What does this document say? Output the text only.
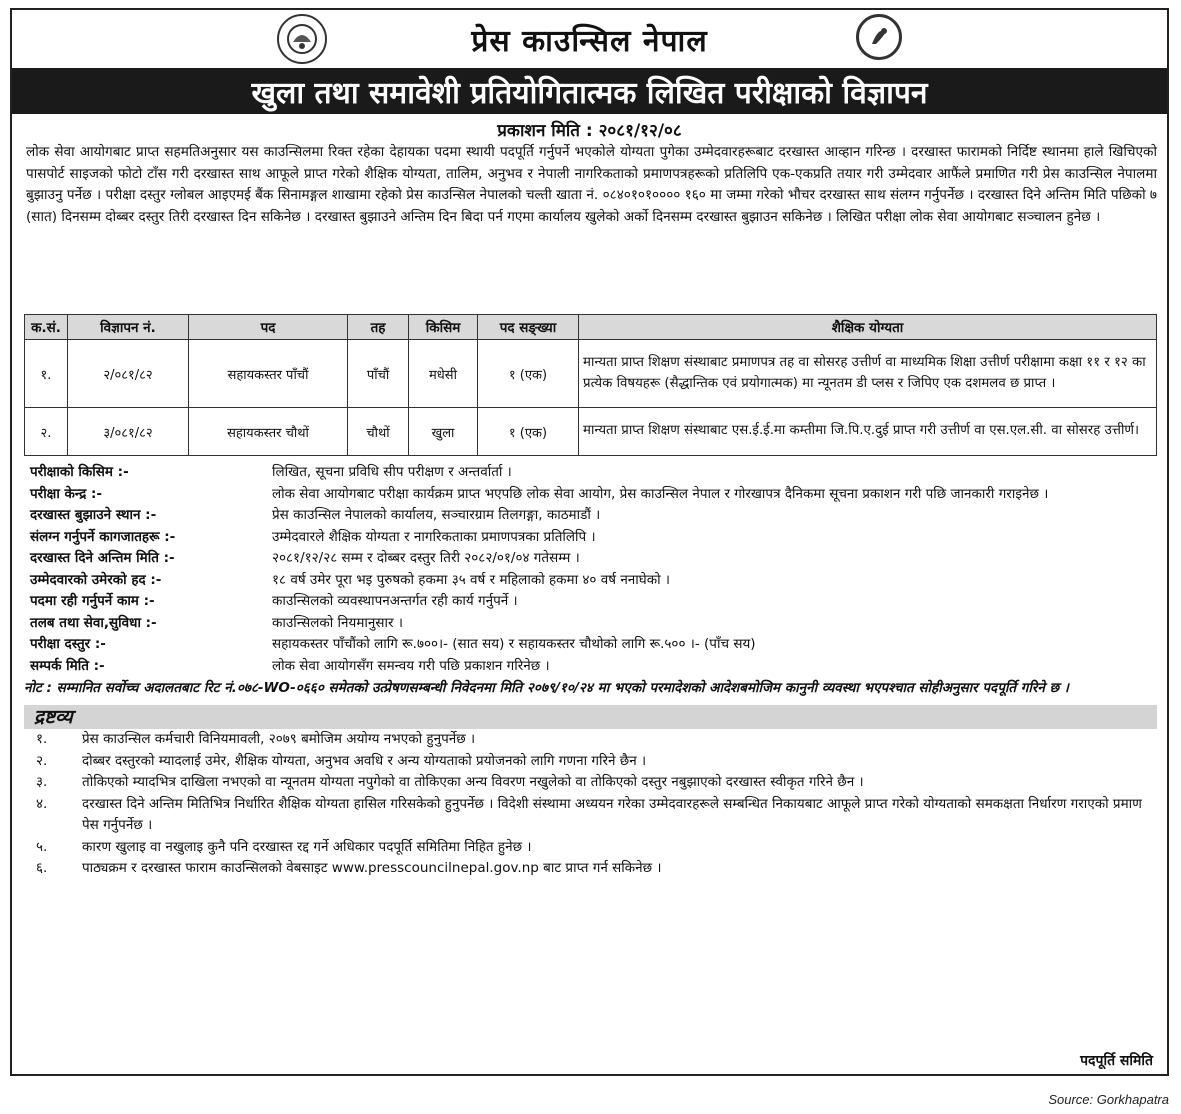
प्रेस काउन्सिल नेपाल
खुला तथा समावेशी प्रतियोगितात्मक लिखित परीक्षाको विज्ञापन
प्रकाशन मिति : २०८१/१२/०८

लोक सेवा आयोगबाट प्राप्त सहमतिअनुसार यस काउन्सिलमा रिक्त रहेका देहायका पदमा स्थायी पदपूर्ति गर्नुपर्ने भएकोले योग्यता पुगेका उम्मेदवारहरूबाट दरखास्त आव्हान गरिन्छ । दरखास्त फारामको निर्दिष्ट स्थानमा हाले खिचिएको पासपोर्ट साइजको फोटो टाँस गरी दरखास्त साथ आफूले प्राप्त गरेको शैक्षिक योग्यता, तालिम, अनुभव र नेपाली नागरिकताको प्रमाणपत्रहरूको प्रतिलिपि एक-एकप्रति तयार गरी उम्मेदवार आफैंले प्रमाणित गरी प्रेस काउन्सिल नेपालमा बुझाउनु पर्नेछ । परीक्षा दस्तुर ग्लोबल आइएमई बैंक सिनामङ्गल शाखामा रहेको प्रेस काउन्सिल नेपालको चल्ती खाता नं. ०८४०१०१०००० १६० मा जम्मा गरेको भौचर दरखास्त साथ संलग्न गर्नुपर्नेछ । दरखास्त दिने अन्तिम मिति पछिको ७ (सात) दिनसम्म दोब्बर दस्तुर तिरी दरखास्त दिन सकिनेछ । दरखास्त बुझाउने अन्तिम दिन बिदा पर्न गएमा कार्यालय खुलेको अर्को दिनसम्म दरखास्त बुझाउन सकिनेछ । लिखित परीक्षा लोक सेवा आयोगबाट सञ्चालन हुनेछ ।

क.सं.	विज्ञापन नं.	पद	तह	किसिम	पद सङ्ख्या	शैक्षिक योग्यता
१.	२/०८१/८२	सहायकस्तर पाँचौं	पाँचौं	मधेसी	१ (एक)	मान्यता प्राप्त शिक्षण संस्थाबाट प्रमाणपत्र तह वा सोसरह उत्तीर्ण वा माध्यमिक शिक्षा उत्तीर्ण परीक्षामा कक्षा ११ र १२ का प्रत्येक विषयहरू (सैद्धान्तिक एवं प्रयोगात्मक) मा न्यूनतम डी प्लस र जिपिए एक दशमलव छ प्राप्त ।
२.	३/०८१/८२	सहायकस्तर चौथों	चौथों	खुला	१ (एक)	मान्यता प्राप्त शिक्षण संस्थाबाट एस.ई.ई.मा कम्तीमा जि.पि.ए.दुई प्राप्त गरी उत्तीर्ण वा एस.एल.सी. वा सोसरह उत्तीर्ण।
परीक्षाको किसिम :-	लिखित, सूचना प्रविधि सीप परीक्षण र अन्तर्वार्ता ।
परीक्षा केन्द्र :-	लोक सेवा आयोगबाट परीक्षा कार्यक्रम प्राप्त भएपछि लोक सेवा आयोग, प्रेस काउन्सिल नेपाल र गोरखापत्र दैनिकमा सूचना प्रकाशन गरी पछि जानकारी गराइनेछ ।
दरखास्त बुझाउने स्थान :-	प्रेस काउन्सिल नेपालको कार्यालय, सञ्चारग्राम तिलगङ्गा, काठमाडौं ।
संलग्न गर्नुपर्ने कागजातहरू :-	उम्मेदवारले शैक्षिक योग्यता र नागरिकताका प्रमाणपत्रका प्रतिलिपि ।
दरखास्त दिने अन्तिम मिति :-	२०८१/१२/२८ सम्म र दोब्बर दस्तुर तिरी २०८२/०१/०४ गतेसम्म ।
उम्मेदवारको उमेरको हद :-	१८ वर्ष उमेर पूरा भइ पुरुषको हकमा ३५ वर्ष र महिलाको हकमा ४० वर्ष ननाघेको ।
पदमा रही गर्नुपर्ने काम :-	काउन्सिलको व्यवस्थापनअन्तर्गत रही कार्य गर्नुपर्ने ।
तलब तथा सेवा,सुविधा :-	काउन्सिलको नियमानुसार ।
परीक्षा दस्तुर :-	सहायकस्तर पाँचौंको लागि रू.७००।- (सात सय) र सहायकस्तर चौथोको लागि रू.५०० ।- (पाँच सय)
सम्पर्क मिति :-	लोक सेवा आयोगसँग समन्वय गरी पछि प्रकाशन गरिनेछ ।
नोट : सम्मानित सर्वोच्च अदालतबाट रिट नं.०७८-WO-०६६० समेतको उत्प्रेषणसम्बन्धी निवेदनमा मिति २०७९/१०/२४ मा भएको परमादेशको आदेशबमोजिम कानुनी व्यवस्था भएपश्चात सोहीअनुसार पदपूर्ति गरिने छ ।
द्रष्टव्य
१.	प्रेस काउन्सिल कर्मचारी विनियमावली, २०७९ बमोजिम अयोग्य नभएको हुनुपर्नेछ ।
२.	दोब्बर दस्तुरको म्यादलाई उमेर, शैक्षिक योग्यता, अनुभव अवधि र अन्य योग्यताको प्रयोजनको लागि गणना गरिने छैन ।
३.	तोकिएको म्यादभित्र दाखिला नभएको वा न्यूनतम योग्यता नपुगेको वा तोकिएका अन्य विवरण नखुलेको वा तोकिएको दस्तुर नबुझाएको दरखास्त स्वीकृत गरिने छैन ।
४.	दरखास्त दिने अन्तिम मितिभित्र निर्धारित शैक्षिक योग्यता हासिल गरिसकेको हुनुपर्नेछ । विदेशी संस्थामा अध्ययन गरेका उम्मेदवारहरूले सम्बन्धित निकायबाट आफूले प्राप्त गरेको योग्यताको समकक्षता निर्धारण गराएको प्रमाण पेस गर्नुपर्नेछ ।
५.	कारण खुलाइ वा नखुलाइ कुनै पनि दरखास्त रद्द गर्ने अधिकार पदपूर्ति समितिमा निहित हुनेछ ।
६.	पाठ्यक्रम र दरखास्त फाराम काउन्सिलको वेबसाइट www.presscouncilnepal.gov.np बाट प्राप्त गर्न सकिनेछ ।
पदपूर्ति समिति
Source: Gorkhapatra
